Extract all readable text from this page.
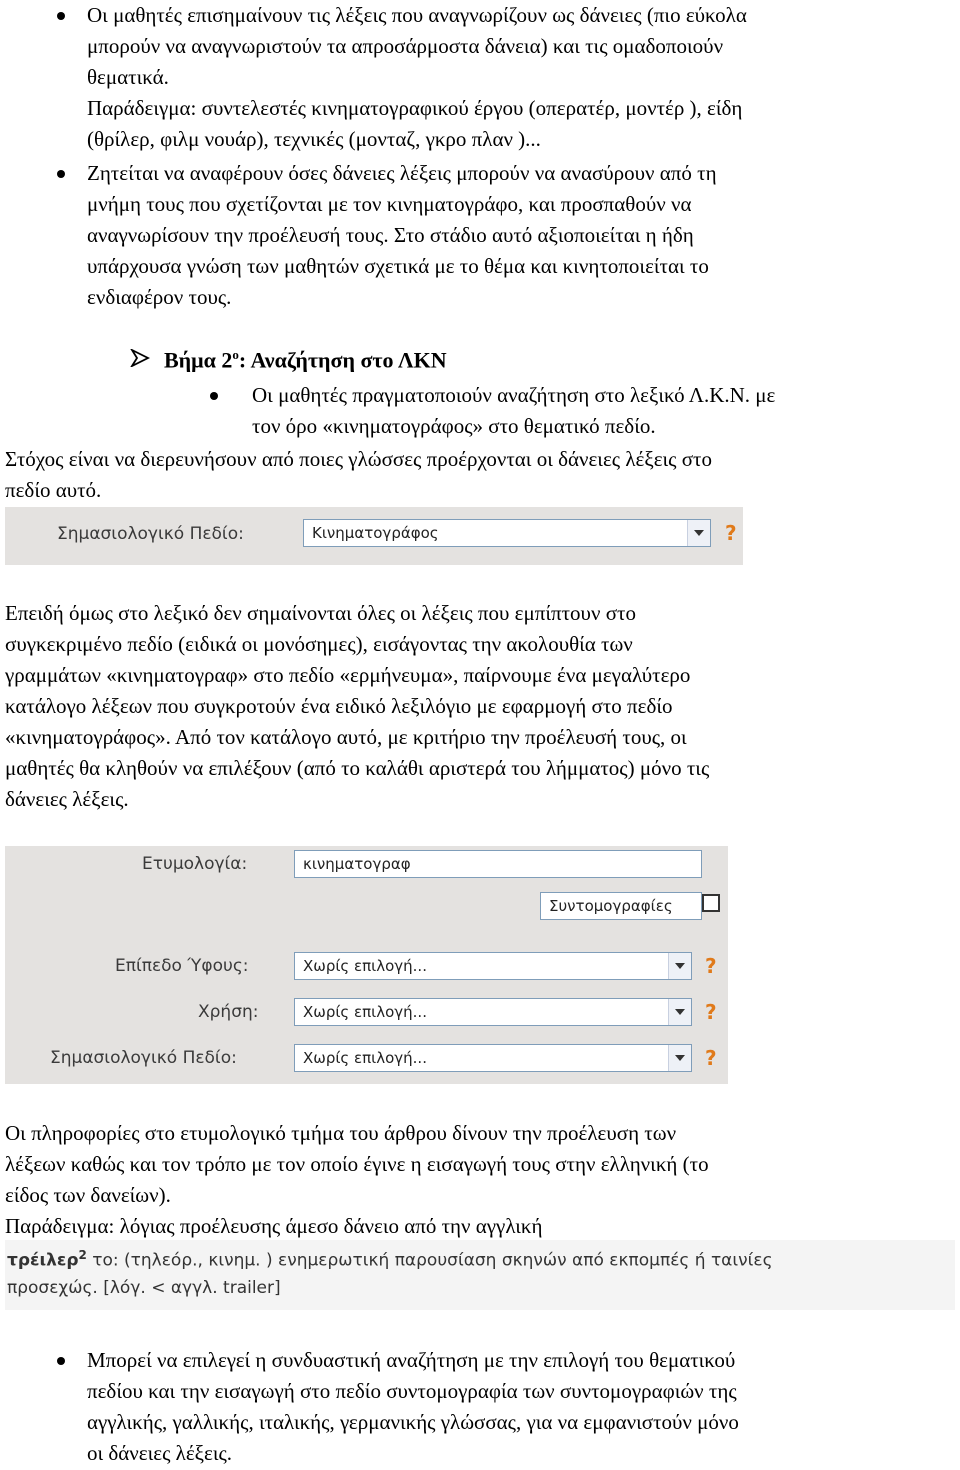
Οι μαθητές επισημαίνουν τις λέξεις που αναγνωρίζουν ως δάνειες (πιο εύκολα
μπορούν να αναγνωριστούν τα απροσάρμοστα δάνεια) και τις ομαδοποιούν
θεματικά.
Παράδειγμα: συντελεστές κινηματογραφικού έργου (οπερατέρ, μοντέρ ), είδη
(θρίλερ, φιλμ νουάρ), τεχνικές (μονταζ, γκρο πλαν )...
Ζητείται να αναφέρουν όσες δάνειες λέξεις μπορούν να ανασύρουν από τη
μνήμη τους που σχετίζονται με τον κινηματογράφο, και προσπαθούν να
αναγνωρίσουν την προέλευσή τους. Στο στάδιο αυτό αξιοποιείται η ήδη
υπάρχουσα γνώση των μαθητών σχετικά με το θέμα και κινητοποιείται το
ενδιαφέρον τους.
Βήμα $2^o$: Αναζήτηση στο ΛΚΝ
Οι μαθητές πραγματοποιούν αναζήτηση στο λεξικό Λ.Κ.Ν. με
τον όρο «κινηματογράφος» στο θεματικό πεδίο.
Στόχος είναι να διερευνήσουν από ποιες γλώσσες προέρχονται οι δάνειες λέξεις στο
πεδίο αυτό.
Σημασιολογικό Πεδίο:	Κινηματογράφος	?
Επειδή όμως στο λεξικό δεν σημαίνονται όλες οι λέξεις που εμπίπτουν στο
συγκεκριμένο πεδίο (ειδικά οι μονόσημες), εισάγοντας την ακολουθία των
γραμμάτων «κινηματογραφ» στο πεδίο «ερμήνευμα», παίρνουμε ένα μεγαλύτερο
κατάλογο λέξεων που συγκροτούν ένα ειδικό λεξιλόγιο με εφαρμογή στο πεδίο
«κινηματογράφος». Από τον κατάλογο αυτό, με κριτήριο την προέλευσή τους, οι
μαθητές θα κληθούν να επιλέξουν (από το καλάθι αριστερά του λήμματος) μόνο τις
δάνειες λέξεις.
Ετυμολογία:	κινηματογραφ
Συντομογραφίες
Επίπεδο Ύφους:	Χωρίς επιλογή...	?
Χρήση:	Χωρίς επιλογή...	?
Σημασιολογικό Πεδίο:	Χωρίς επιλογή...	?
Οι πληροφορίες στο ετυμολογικό τμήμα του άρθρου δίνουν την προέλευση των
λέξεων καθώς και τον τρόπο με τον οποίο έγινε η εισαγωγή τους στην ελληνική (το
είδος των δανείων).
Παράδειγμα: λόγιας προέλευσης άμεσο δάνειο από την αγγλική
τρέιλερ$^2$ το: (τηλεόρ., κινημ. ) ενημερωτική παρουσίαση σκηνών από εκπομπές ή ταινίες
προσεχώς. [λόγ. < αγγλ. trailer]
Μπορεί να επιλεγεί η συνδυαστική αναζήτηση με την επιλογή του θεματικού
πεδίου και την εισαγωγή στο πεδίο συντομογραφία των συντομογραφιών της
αγγλικής, γαλλικής, ιταλικής, γερμανικής γλώσσας, για να εμφανιστούν μόνο
οι δάνειες λέξεις.
